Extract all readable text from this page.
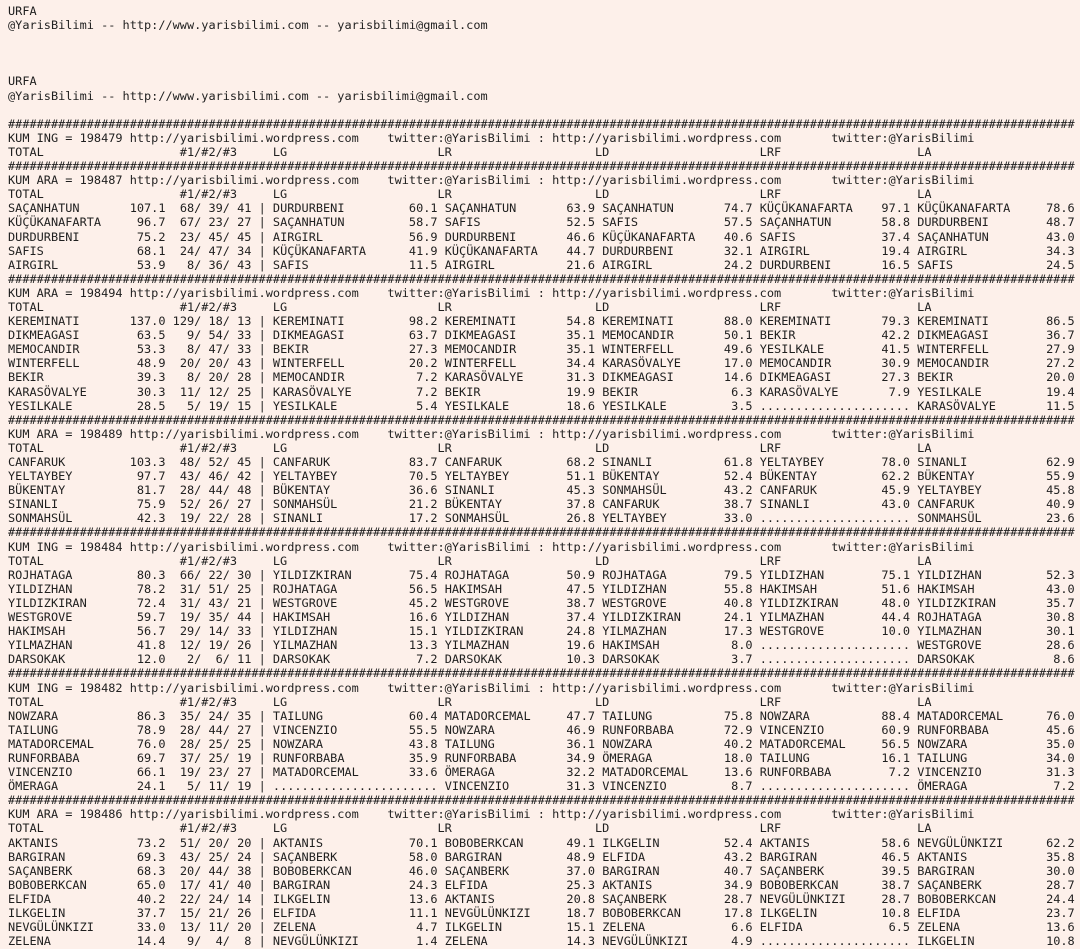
URFA
@YarisBilimi -- http://www.yarisbilimi.com -- yarisbilimi@gmail.com
URFA
@YarisBilimi -- http://www.yarisbilimi.com -- yarisbilimi@gmail.com
#####################################################################################################################################################
KUM ING = 198479 http://yarisbilimi.wordpress.com    twitter:@YarisBilimi : http://yarisbilimi.wordpress.com       twitter:@YarisBilimi
TOTAL                   #1/#2/#3     LG                     LR                    LD                     LRF                   LA
#####################################################################################################################################################
KUM ARA = 198487 http://yarisbilimi.wordpress.com    twitter:@YarisBilimi : http://yarisbilimi.wordpress.com       twitter:@YarisBilimi
TOTAL                   #1/#2/#3     LG                     LR                    LD                     LRF                   LA
SAÇANHATUN       107.1  68/ 39/ 41 | DURDURBENI         60.1 SAÇANHATUN       63.9 SAÇANHATUN       74.7 KÜÇÜKANAFARTA    97.1 KÜÇÜKANAFARTA     78.6
KÜÇÜKANAFARTA     96.7  67/ 23/ 27 | SAÇANHATUN         58.7 SAFIS            52.5 SAFIS            57.5 SAÇANHATUN       58.8 DURDURBENI        48.7
DURDURBENI        75.2  23/ 45/ 45 | AIRGIRL            56.9 DURDURBENI       46.6 KÜÇÜKANAFARTA    40.6 SAFIS            37.4 SAÇANHATUN        43.0
SAFIS             68.1  24/ 47/ 34 | KÜÇÜKANAFARTA      41.9 KÜÇÜKANAFARTA    44.7 DURDURBENI       32.1 AIRGIRL          19.4 AIRGIRL           34.3
AIRGIRL           53.9   8/ 36/ 43 | SAFIS              11.5 AIRGIRL          21.6 AIRGIRL          24.2 DURDURBENI       16.5 SAFIS             24.5
#####################################################################################################################################################
KUM ARA = 198494 http://yarisbilimi.wordpress.com    twitter:@YarisBilimi : http://yarisbilimi.wordpress.com       twitter:@YarisBilimi
TOTAL                   #1/#2/#3     LG                     LR                    LD                     LRF                   LA
KEREMINATI       137.0 129/ 18/ 13 | KEREMINATI         98.2 KEREMINATI       54.8 KEREMINATI       88.0 KEREMINATI       79.3 KEREMINATI        86.5
DIKMEAGASI        63.5   9/ 54/ 33 | DIKMEAGASI         63.7 DIKMEAGASI       35.1 MEMOCANDIR       50.1 BEKIR            42.2 DIKMEAGASI        36.7
MEMOCANDIR        53.3   8/ 47/ 33 | BEKIR              27.3 MEMOCANDIR       35.1 WINTERFELL       49.6 YESILKALE        41.5 WINTERFELL        27.9
WINTERFELL        48.9  20/ 20/ 43 | WINTERFELL         20.2 WINTERFELL       34.4 KARASÖVALYE      17.0 MEMOCANDIR       30.9 MEMOCANDIR        27.2
BEKIR             39.3   8/ 20/ 28 | MEMOCANDIR          7.2 KARASÖVALYE      31.3 DIKMEAGASI       14.6 DIKMEAGASI       27.3 BEKIR             20.0
KARASÖVALYE       30.3  11/ 12/ 25 | KARASÖVALYE         7.2 BEKIR            19.9 BEKIR             6.3 KARASÖVALYE       7.9 YESILKALE         19.4
YESILKALE         28.5   5/ 19/ 15 | YESILKALE           5.4 YESILKALE        18.6 YESILKALE         3.5 ..................... KARASÖVALYE       11.5
#####################################################################################################################################################
KUM ARA = 198489 http://yarisbilimi.wordpress.com    twitter:@YarisBilimi : http://yarisbilimi.wordpress.com       twitter:@YarisBilimi
TOTAL                   #1/#2/#3     LG                     LR                    LD                     LRF                   LA
CANFARUK         103.3  48/ 52/ 45 | CANFARUK           83.7 CANFARUK         68.2 SINANLI          61.8 YELTAYBEY        78.0 SINANLI           62.9
YELTAYBEY         97.7  43/ 46/ 42 | YELTAYBEY          70.5 YELTAYBEY        51.1 BÜKENTAY         52.4 BÜKENTAY         62.2 BÜKENTAY          55.9
BÜKENTAY          81.7  28/ 44/ 48 | BÜKENTAY           36.6 SINANLI          45.3 SONMAHSÜL        43.2 CANFARUK         45.9 YELTAYBEY         45.8
SINANLI           75.9  52/ 26/ 27 | SONMAHSÜL          21.2 BÜKENTAY         37.8 CANFARUK         38.7 SINANLI          43.0 CANFARUK          40.9
SONMAHSÜL         42.3  19/ 22/ 28 | SINANLI            17.2 SONMAHSÜL        26.8 YELTAYBEY        33.0 ..................... SONMAHSÜL         23.6
#####################################################################################################################################################
KUM ING = 198484 http://yarisbilimi.wordpress.com    twitter:@YarisBilimi : http://yarisbilimi.wordpress.com       twitter:@YarisBilimi
TOTAL                   #1/#2/#3     LG                     LR                    LD                     LRF                   LA
ROJHATAGA         80.3  66/ 22/ 30 | YILDIZKIRAN        75.4 ROJHATAGA        50.9 ROJHATAGA        79.5 YILDIZHAN        75.1 YILDIZHAN         52.3
YILDIZHAN         78.2  31/ 51/ 25 | ROJHATAGA          56.5 HAKIMSAH         47.5 YILDIZHAN        55.8 HAKIMSAH         51.6 HAKIMSAH          43.0
YILDIZKIRAN       72.4  31/ 43/ 21 | WESTGROVE          45.2 WESTGROVE        38.7 WESTGROVE        40.8 YILDIZKIRAN      48.0 YILDIZKIRAN       35.7
WESTGROVE         59.7  19/ 35/ 44 | HAKIMSAH           16.6 YILDIZHAN        37.4 YILDIZKIRAN      24.1 YILMAZHAN        44.4 ROJHATAGA         30.8
HAKIMSAH          56.7  29/ 14/ 33 | YILDIZHAN          15.1 YILDIZKIRAN      24.8 YILMAZHAN        17.3 WESTGROVE        10.0 YILMAZHAN         30.1
YILMAZHAN         41.8  12/ 19/ 26 | YILMAZHAN          13.3 YILMAZHAN        19.6 HAKIMSAH          8.0 ..................... WESTGROVE         28.6
DARSOKAK          12.0   2/  6/ 11 | DARSOKAK            7.2 DARSOKAK         10.3 DARSOKAK          3.7 ..................... DARSOKAK           8.6
#####################################################################################################################################################
KUM ING = 198482 http://yarisbilimi.wordpress.com    twitter:@YarisBilimi : http://yarisbilimi.wordpress.com       twitter:@YarisBilimi
TOTAL                   #1/#2/#3     LG                     LR                    LD                     LRF                   LA
NOWZARA           86.3  35/ 24/ 35 | TAILUNG            60.4 MATADORCEMAL     47.7 TAILUNG          75.8 NOWZARA          88.4 MATADORCEMAL      76.0
TAILUNG           78.9  28/ 44/ 27 | VINCENZIO          55.5 NOWZARA          46.9 RUNFORBABA       72.9 VINCENZIO        60.9 RUNFORBABA        45.6
MATADORCEMAL      76.0  28/ 25/ 25 | NOWZARA            43.8 TAILUNG          36.1 NOWZARA          40.2 MATADORCEMAL     56.5 NOWZARA           35.0
RUNFORBABA        69.7  37/ 25/ 19 | RUNFORBABA         35.9 RUNFORBABA       34.9 ÖMERAGA          18.0 TAILUNG          16.1 TAILUNG           34.0
VINCENZIO         66.1  19/ 23/ 27 | MATADORCEMAL       33.6 ÖMERAGA          32.2 MATADORCEMAL     13.6 RUNFORBABA        7.2 VINCENZIO         31.3
ÖMERAGA           24.1   5/ 11/ 19 | ....................... VINCENZIO        31.3 VINCENZIO         8.7 ..................... ÖMERAGA            7.2
#####################################################################################################################################################
KUM ARA = 198486 http://yarisbilimi.wordpress.com    twitter:@YarisBilimi : http://yarisbilimi.wordpress.com       twitter:@YarisBilimi
TOTAL                   #1/#2/#3     LG                     LR                    LD                     LRF                   LA
AKTANIS           73.2  51/ 20/ 20 | AKTANIS            70.1 BOBOBERKCAN      49.1 ILKGELIN         52.4 AKTANIS          58.6 NEVGÜLÜNKIZI      62.2
BARGIRAN          69.3  43/ 25/ 24 | SAÇANBERK          58.0 BARGIRAN         48.9 ELFIDA           43.2 BARGIRAN         46.5 AKTANIS           35.8
SAÇANBERK         68.3  20/ 44/ 38 | BOBOBERKCAN        46.0 SAÇANBERK        37.0 BARGIRAN         40.7 SAÇANBERK        39.5 BARGIRAN          30.0
BOBOBERKCAN       65.0  17/ 41/ 40 | BARGIRAN           24.3 ELFIDA           25.3 AKTANIS          34.9 BOBOBERKCAN      38.7 SAÇANBERK         28.7
ELFIDA            40.2  22/ 24/ 14 | ILKGELIN           13.6 AKTANIS          20.8 SAÇANBERK        28.7 NEVGÜLÜNKIZI     28.7 BOBOBERKCAN       24.4
ILKGELIN          37.7  15/ 21/ 26 | ELFIDA             11.1 NEVGÜLÜNKIZI     18.7 BOBOBERKCAN      17.8 ILKGELIN         10.8 ELFIDA            23.7
NEVGÜLÜNKIZI      33.0  13/ 11/ 20 | ZELENA              4.7 ILKGELIN         15.1 ZELENA            6.6 ELFIDA            6.5 ZELENA            13.6
ZELENA            14.4   9/  4/  8 | NEVGÜLÜNKIZI        1.4 ZELENA           14.3 NEVGÜLÜNKIZI      4.9 ..................... ILKGELIN          10.8
